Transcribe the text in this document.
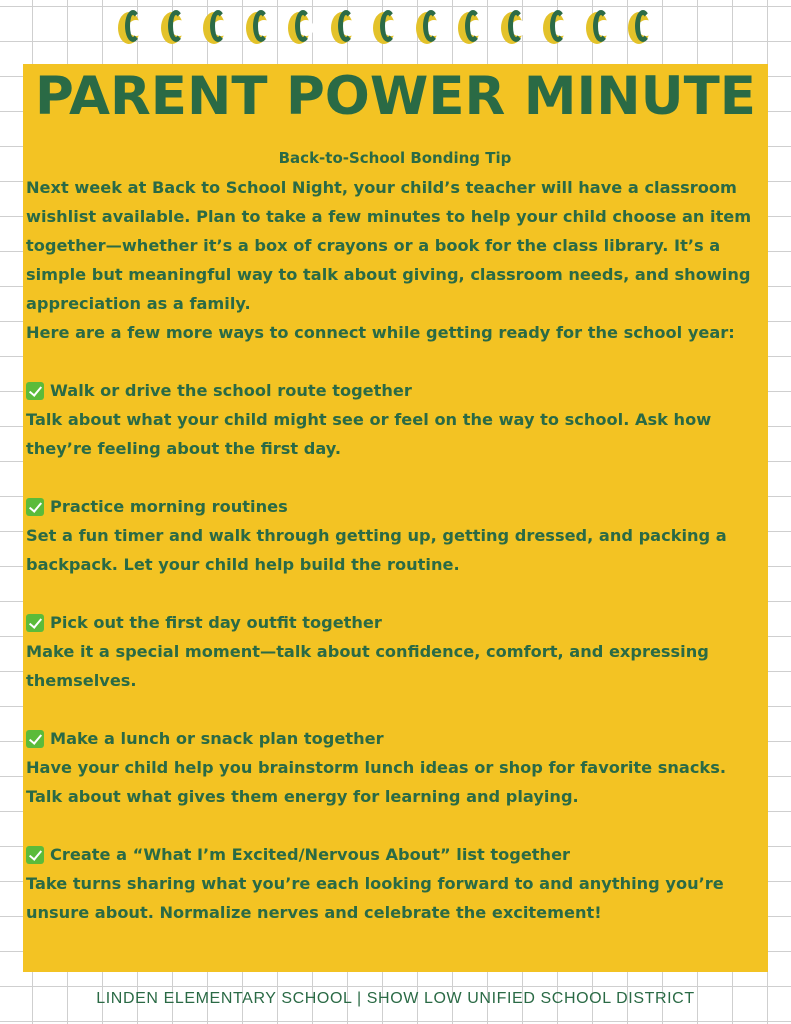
PARENT POWER MINUTE

Back-to-School Bonding Tip

Next week at Back to School Night, your child’s teacher will have a classroom wishlist available. Plan to take a few minutes to help your child choose an item together—whether it’s a box of crayons or a book for the class library. It’s a simple but meaningful way to talk about giving, classroom needs, and showing appreciation as a family.

Here are a few more ways to connect while getting ready for the school year:

Walk or drive the school route together

Talk about what your child might see or feel on the way to school. Ask how they’re feeling about the first day.

Practice morning routines

Set a fun timer and walk through getting up, getting dressed, and packing a backpack. Let your child help build the routine.

Pick out the first day outfit together

Make it a special moment—talk about confidence, comfort, and expressing themselves.

Make a lunch or snack plan together

Have your child help you brainstorm lunch ideas or shop for favorite snacks. Talk about what gives them energy for learning and playing.

Create a “What I’m Excited/Nervous About” list together

Take turns sharing what you’re each looking forward to and anything you’re unsure about. Normalize nerves and celebrate the excitement!

LINDEN ELEMENTARY SCHOOL | SHOW LOW UNIFIED SCHOOL DISTRICT
